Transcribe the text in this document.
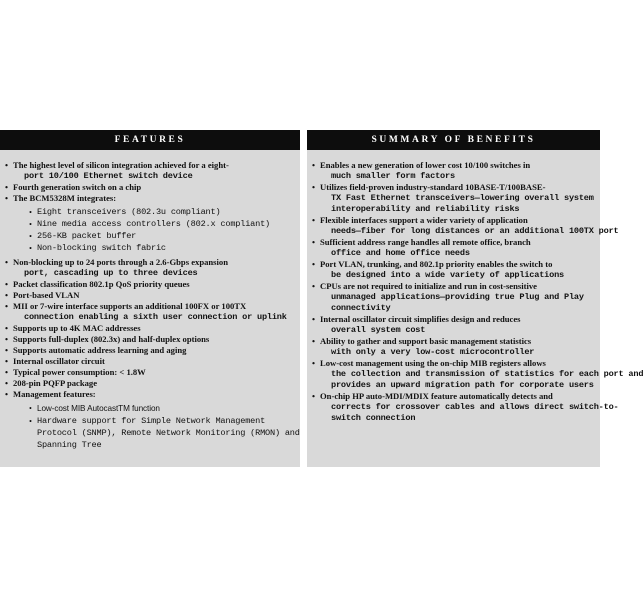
FEATURES
• The highest level of silicon integration achieved for a eight-
port 10/100 Ethernet switch device
• Fourth generation switch on a chip
• The BCM5328M integrates:
• Eight transceivers (802.3u compliant)
• Nine media access controllers (802.x compliant)
• 256-KB packet buffer
• Non-blocking switch fabric
• Non-blocking up to 24 ports through a 2.6-Gbps expansion
port, cascading up to three devices
• Packet classification 802.1p QoS priority queues
• Port-based VLAN
• MII or 7-wire interface supports an additional 100FX or 100TX
connection enabling a sixth user connection or uplink
• Supports up to 4K MAC addresses
• Supports full-duplex (802.3x) and half-duplex options
• Supports automatic address learning and aging
• Internal oscillator circuit
• Typical power consumption: < 1.8W
• 208-pin PQFP package
• Management features:
• Low-cost MIB AutocastTM function
• Hardware support for Simple Network Management Protocol (SNMP), Remote Network Monitoring (RMON) and Spanning Tree
SUMMARY OF BENEFITS
• Enables a new generation of lower cost 10/100 switches in
much smaller form factors
• Utilizes field-proven industry-standard 10BASE-T/100BASE-
TX Fast Ethernet transceivers—lowering overall system
interoperability and reliability risks
• Flexible interfaces support a wider variety of application
needs—fiber for long distances or an additional 100TX port
• Sufficient address range handles all remote office, branch
office and home office needs
• Port VLAN, trunking, and 802.1p priority enables the switch to
be designed into a wide variety of applications
• CPUs are not required to initialize and run in cost-sensitive
unmanaged applications—providing true Plug and Play
connectivity
• Internal oscillator circuit simplifies design and reduces
overall system cost
• Ability to gather and support basic management statistics
with only a very low-cost microcontroller
• Low-cost management using the on-chip MIB registers allows
the collection and transmission of statistics for each port and
provides an upward migration path for corporate users
• On-chip HP auto-MDI/MDIX feature automatically detects and
corrects for crossover cables and allows direct switch-to-
switch connection
